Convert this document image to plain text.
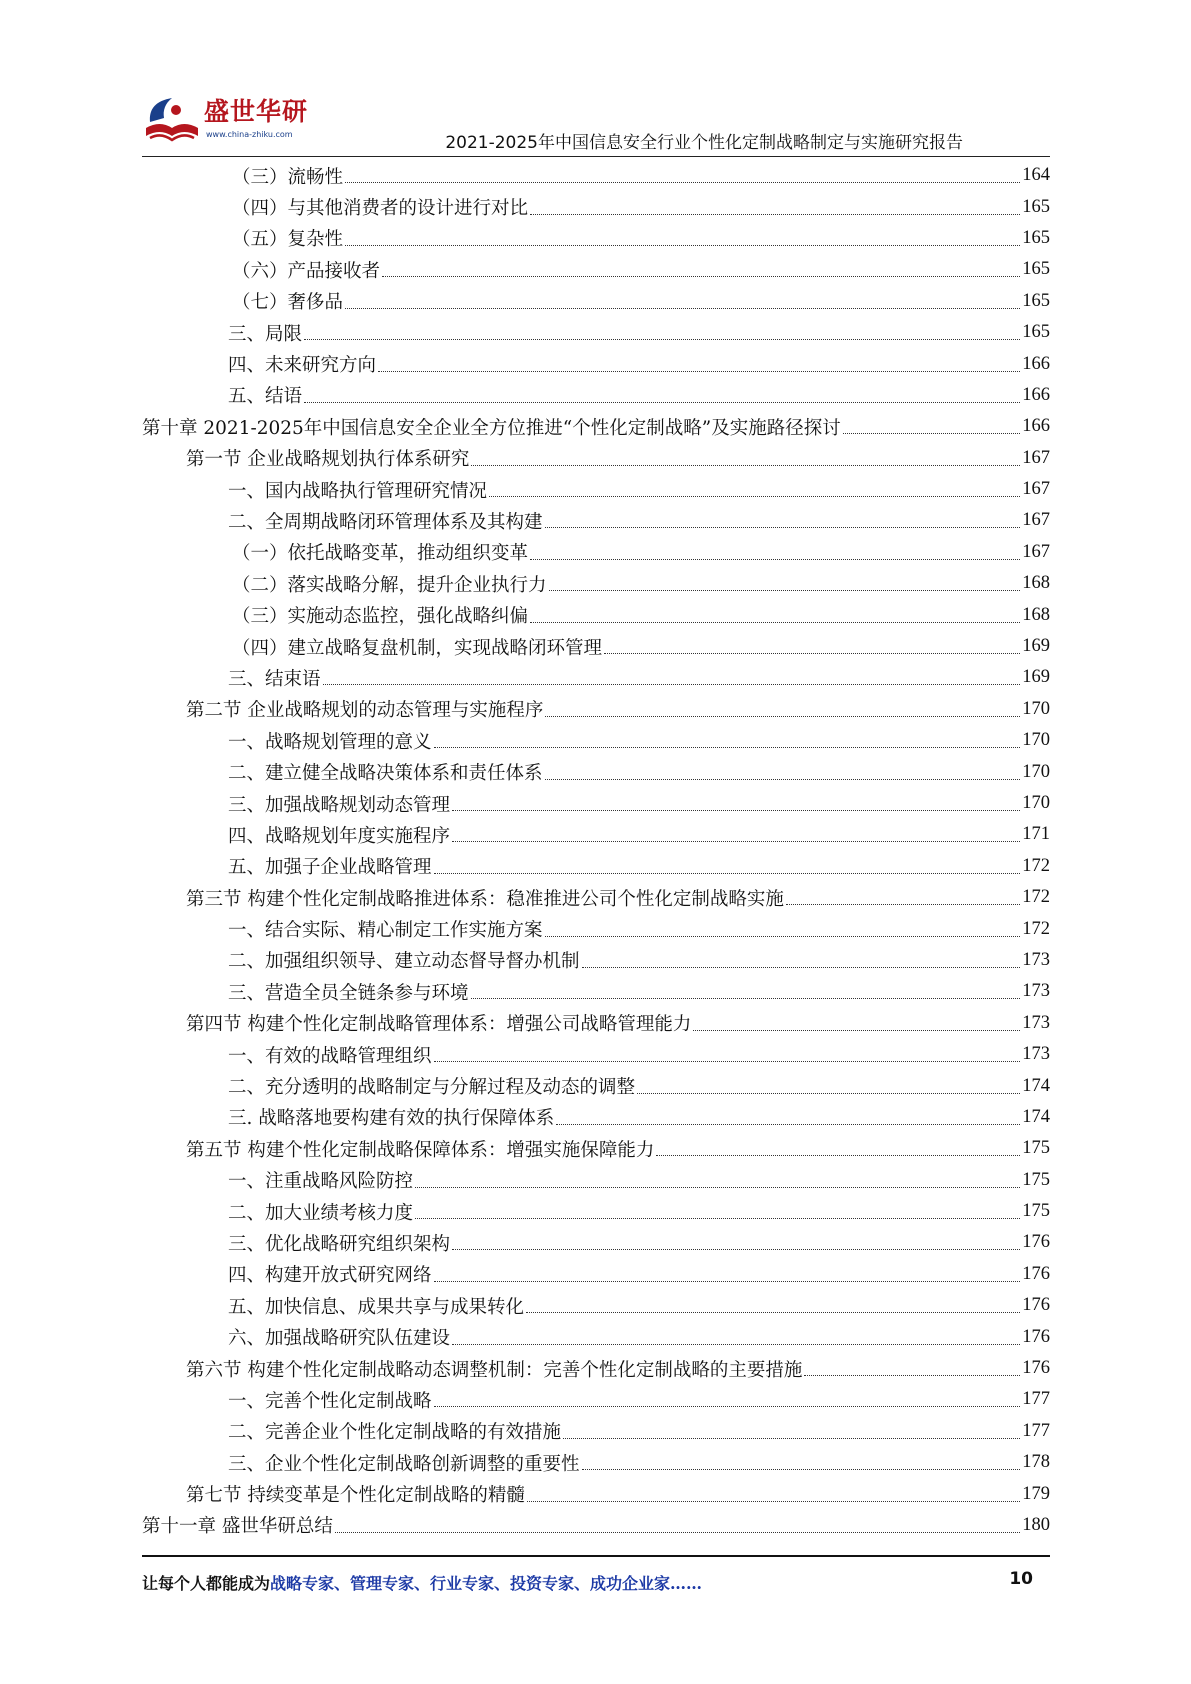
盛世华研
www.china-zhiku.com	2021-2025年中国信息安全行业个性化定制战略制定与实施研究报告
（三）流畅性	164
（四）与其他消费者的设计进行对比	165
（五）复杂性	165
（六）产品接收者	165
（七）奢侈品	165
三、局限	165
四、未来研究方向	166
五、结语	166
第十章 2021-2025年中国信息安全企业全方位推进“个性化定制战略”及实施路径探讨	166
第一节 企业战略规划执行体系研究	167
一、国内战略执行管理研究情况	167
二、全周期战略闭环管理体系及其构建	167
（一）依托战略变革，推动组织变革	167
（二）落实战略分解，提升企业执行力	168
（三）实施动态监控，强化战略纠偏	168
（四）建立战略复盘机制，实现战略闭环管理	169
三、结束语	169
第二节 企业战略规划的动态管理与实施程序	170
一、战略规划管理的意义	170
二、建立健全战略决策体系和责任体系	170
三、加强战略规划动态管理	170
四、战略规划年度实施程序	171
五、加强子企业战略管理	172
第三节 构建个性化定制战略推进体系：稳准推进公司个性化定制战略实施	172
一、结合实际、精心制定工作实施方案	172
二、加强组织领导、建立动态督导督办机制	173
三、营造全员全链条参与环境	173
第四节 构建个性化定制战略管理体系：增强公司战略管理能力	173
一、有效的战略管理组织	173
二、充分透明的战略制定与分解过程及动态的调整	174
三. 战略落地要构建有效的执行保障体系	174
第五节 构建个性化定制战略保障体系：增强实施保障能力	175
一、注重战略风险防控	175
二、加大业绩考核力度	175
三、优化战略研究组织架构	176
四、构建开放式研究网络	176
五、加快信息、成果共享与成果转化	176
六、加强战略研究队伍建设	176
第六节 构建个性化定制战略动态调整机制：完善个性化定制战略的主要措施	176
一、完善个性化定制战略	177
二、完善企业个性化定制战略的有效措施	177
三、企业个性化定制战略创新调整的重要性	178
第七节 持续变革是个性化定制战略的精髓	179
第十一章 盛世华研总结	180
让每个人都能成为战略专家、管理专家、行业专家、投资专家、成功企业家……	10
